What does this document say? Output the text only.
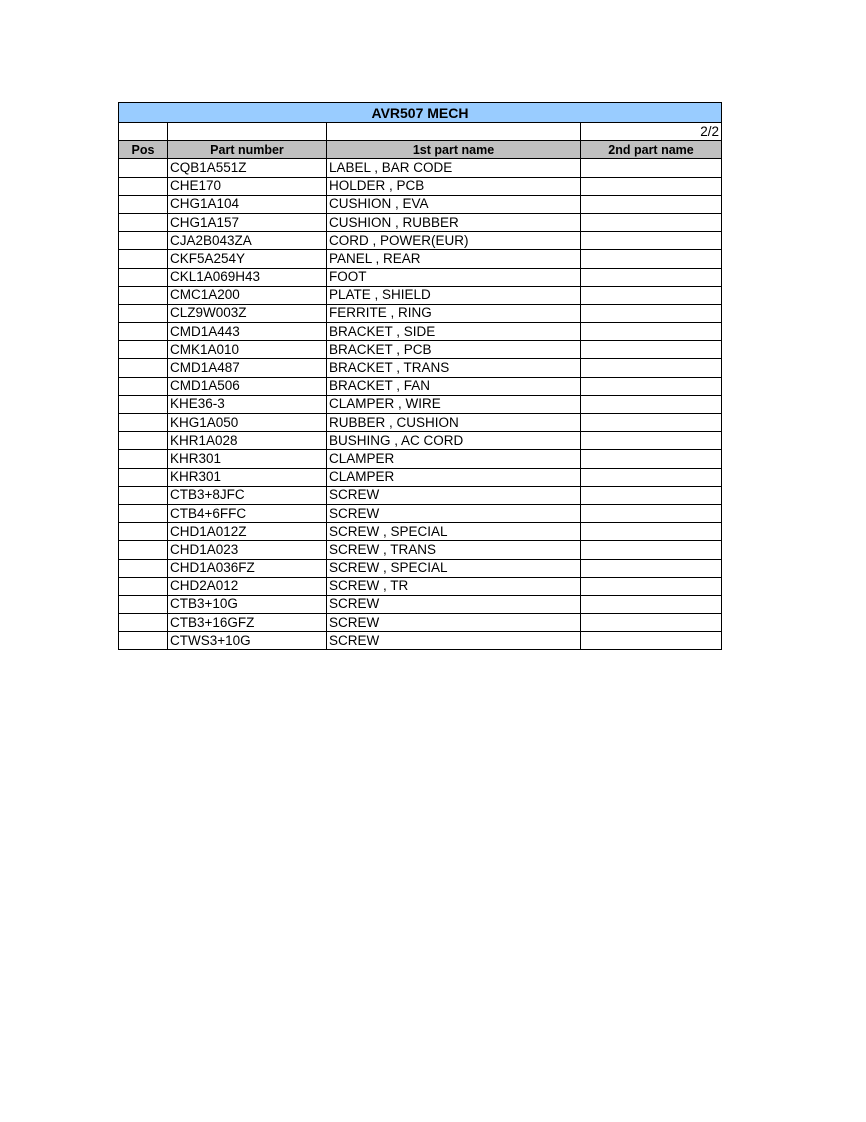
AVR507 MECH			
			2/2
Pos	Part number	1st part name	2nd part name
	CQB1A551Z	LABEL , BAR CODE	
	CHE170	HOLDER , PCB	
	CHG1A104	CUSHION , EVA	
	CHG1A157	CUSHION , RUBBER	
	CJA2B043ZA	CORD , POWER(EUR)	
	CKF5A254Y	PANEL , REAR	
	CKL1A069H43	FOOT	
	CMC1A200	PLATE , SHIELD	
	CLZ9W003Z	FERRITE , RING	
	CMD1A443	BRACKET , SIDE	
	CMK1A010	BRACKET , PCB	
	CMD1A487	BRACKET , TRANS	
	CMD1A506	BRACKET , FAN	
	KHE36-3	CLAMPER , WIRE	
	KHG1A050	RUBBER , CUSHION	
	KHR1A028	BUSHING , AC CORD	
	KHR301	CLAMPER	
	KHR301	CLAMPER	
	CTB3+8JFC	SCREW	
	CTB4+6FFC	SCREW	
	CHD1A012Z	SCREW , SPECIAL	
	CHD1A023	SCREW , TRANS	
	CHD1A036FZ	SCREW , SPECIAL	
	CHD2A012	SCREW , TR	
	CTB3+10G	SCREW	
	CTB3+16GFZ	SCREW	
	CTWS3+10G	SCREW	
